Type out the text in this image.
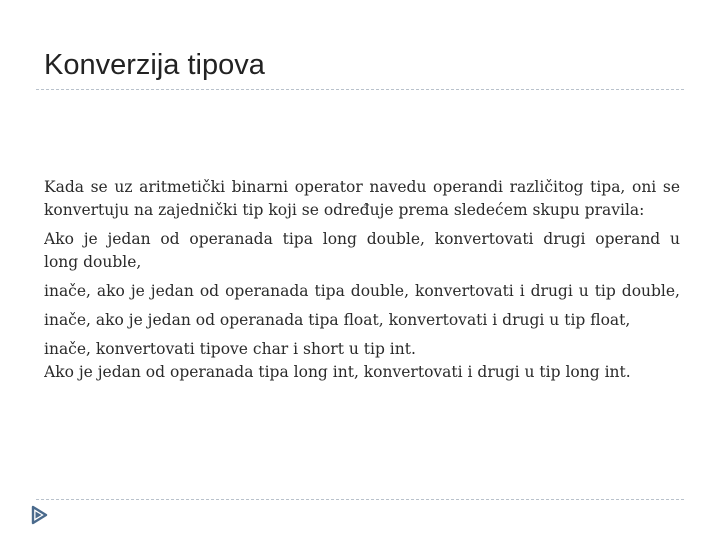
Konverzija tipova

Kada se uz aritmetički binarni operator navedu operandi različitog tipa, oni se

konvertuju na zajednički tip koji se određuje prema sledećem skupu pravila:

Ako je jedan od operanada tipa long double, konvertovati drugi operand u

long double,

inače, ako je jedan od operanada tipa double, konvertovati i drugi u tip double,

inače, ako je jedan od operanada tipa float, konvertovati i drugi u tip float,

inače, konvertovati tipove char i short u tip int.

Ako je jedan od operanada tipa long int, konvertovati i drugi u tip long int.
